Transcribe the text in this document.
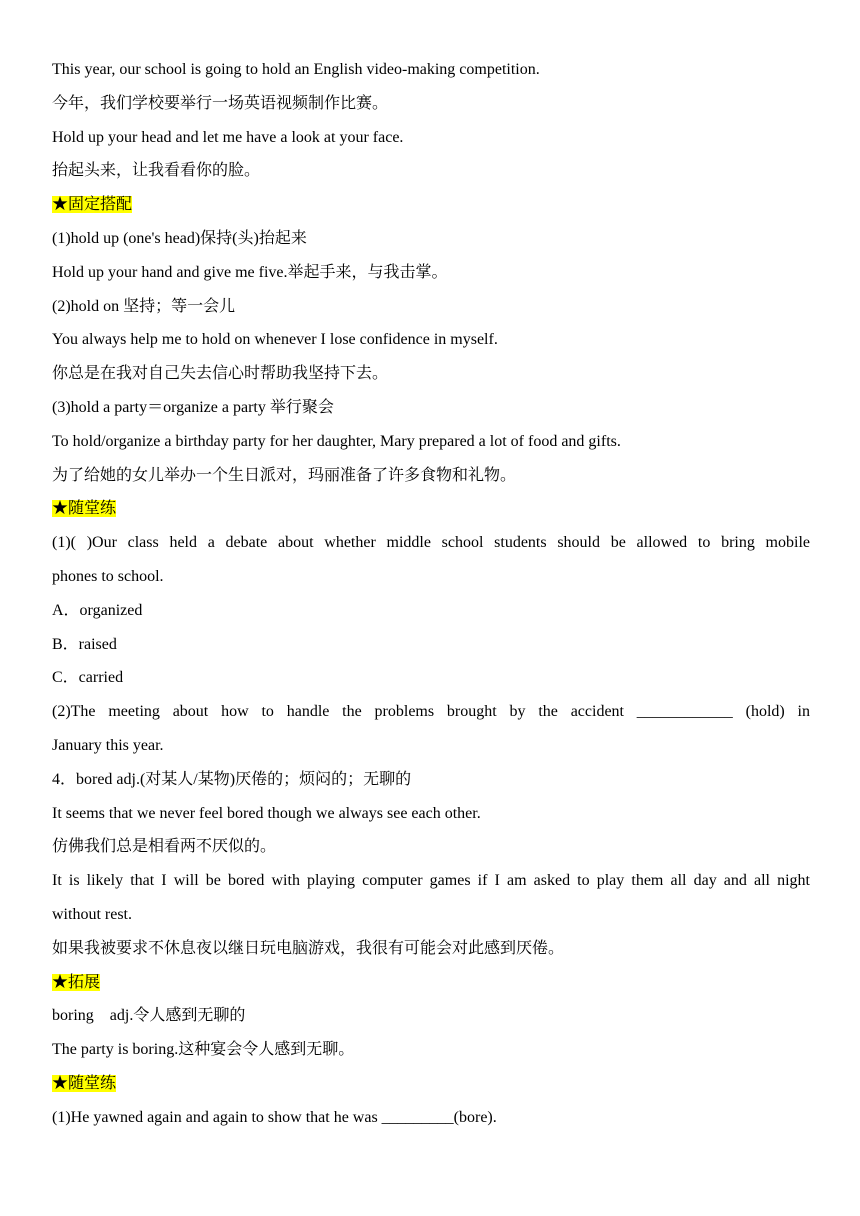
This year, our school is going to hold an English video-making competition.
今年，我们学校要举行一场英语视频制作比赛。
Hold up your head and let me have a look at your face.
抬起头来，让我看看你的脸。
★固定搭配
(1)hold up (one's head)保持(头)抬起来
Hold up your hand and give me five.举起手来，与我击掌。
(2)hold on 坚持；等一会儿
You always help me to hold on whenever I lose confidence in myself.
你总是在我对自己失去信心时帮助我坚持下去。
(3)hold a party＝organize a party 举行聚会
To hold/organize a birthday party for her daughter, Mary prepared a lot of food and gifts.
为了给她的女儿举办一个生日派对，玛丽准备了许多食物和礼物。
★随堂练
(1)( )Our class held a debate about whether middle school students should be allowed to bring mobile
phones to school.
A．organized
B．raised
C．carried
(2)The meeting about how to handle the problems brought by the accident ____________ (hold) in
January this year.
4．bored adj.(对某人/某物)厌倦的；烦闷的；无聊的
It seems that we never feel bored though we always see each other.
仿佛我们总是相看两不厌似的。
It is likely that I will be bored with playing computer games if I am asked to play them all day and all night
without rest.
如果我被要求不休息夜以继日玩电脑游戏，我很有可能会对此感到厌倦。
★拓展
boring    adj.令人感到无聊的
The party is boring.这种宴会令人感到无聊。
★随堂练
(1)He yawned again and again to show that he was _________(bore).
